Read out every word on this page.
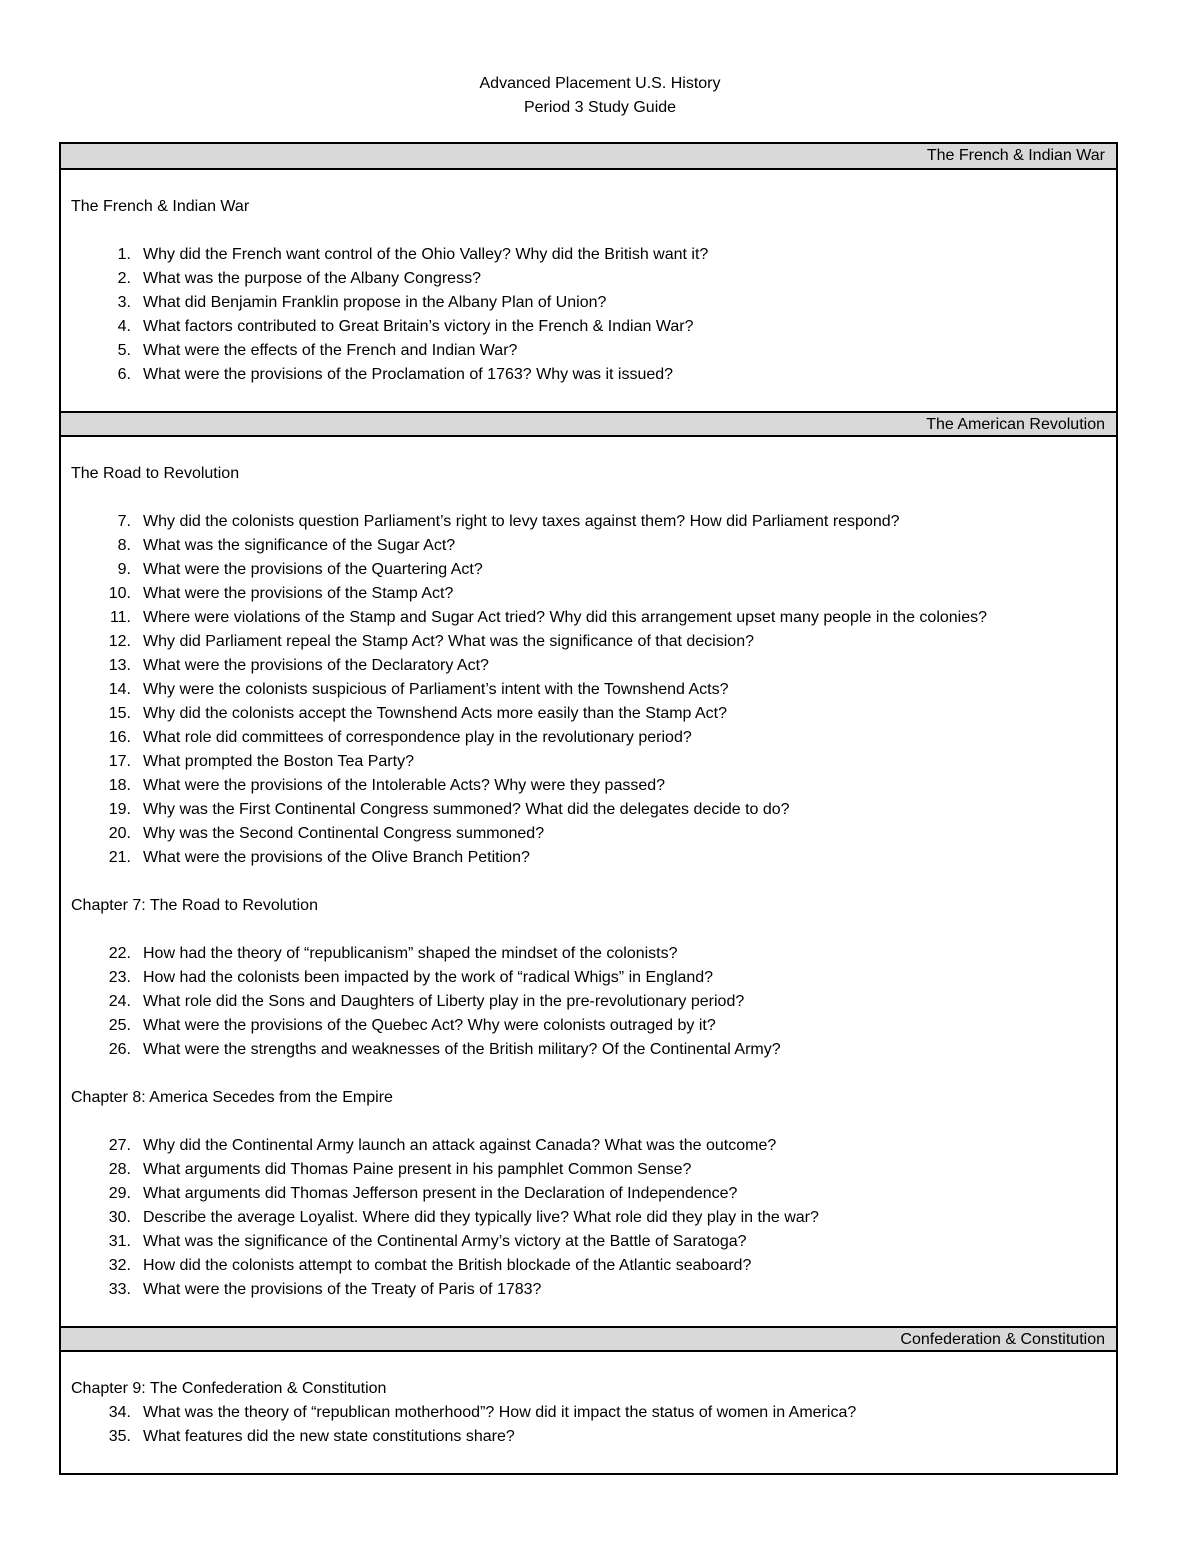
Advanced Placement U.S. History
Period 3 Study Guide
The French & Indian War
The French & Indian War
1. Why did the French want control of the Ohio Valley? Why did the British want it?
2. What was the purpose of the Albany Congress?
3. What did Benjamin Franklin propose in the Albany Plan of Union?
4. What factors contributed to Great Britain’s victory in the French & Indian War?
5. What were the effects of the French and Indian War?
6. What were the provisions of the Proclamation of 1763? Why was it issued?
The American Revolution
The Road to Revolution
7. Why did the colonists question Parliament’s right to levy taxes against them? How did Parliament respond?
8. What was the significance of the Sugar Act?
9. What were the provisions of the Quartering Act?
10. What were the provisions of the Stamp Act?
11. Where were violations of the Stamp and Sugar Act tried? Why did this arrangement upset many people in the colonies?
12. Why did Parliament repeal the Stamp Act? What was the significance of that decision?
13. What were the provisions of the Declaratory Act?
14. Why were the colonists suspicious of Parliament’s intent with the Townshend Acts?
15. Why did the colonists accept the Townshend Acts more easily than the Stamp Act?
16. What role did committees of correspondence play in the revolutionary period?
17. What prompted the Boston Tea Party?
18. What were the provisions of the Intolerable Acts? Why were they passed?
19. Why was the First Continental Congress summoned? What did the delegates decide to do?
20. Why was the Second Continental Congress summoned?
21. What were the provisions of the Olive Branch Petition?
Chapter 7: The Road to Revolution
22. How had the theory of “republicanism” shaped the mindset of the colonists?
23. How had the colonists been impacted by the work of “radical Whigs” in England?
24. What role did the Sons and Daughters of Liberty play in the pre-revolutionary period?
25. What were the provisions of the Quebec Act? Why were colonists outraged by it?
26. What were the strengths and weaknesses of the British military? Of the Continental Army?
Chapter 8: America Secedes from the Empire
27. Why did the Continental Army launch an attack against Canada? What was the outcome?
28. What arguments did Thomas Paine present in his pamphlet Common Sense?
29. What arguments did Thomas Jefferson present in the Declaration of Independence?
30. Describe the average Loyalist. Where did they typically live? What role did they play in the war?
31. What was the significance of the Continental Army’s victory at the Battle of Saratoga?
32. How did the colonists attempt to combat the British blockade of the Atlantic seaboard?
33. What were the provisions of the Treaty of Paris of 1783?
Confederation & Constitution
Chapter 9: The Confederation & Constitution
34. What was the theory of “republican motherhood”? How did it impact the status of women in America?
35. What features did the new state constitutions share?
